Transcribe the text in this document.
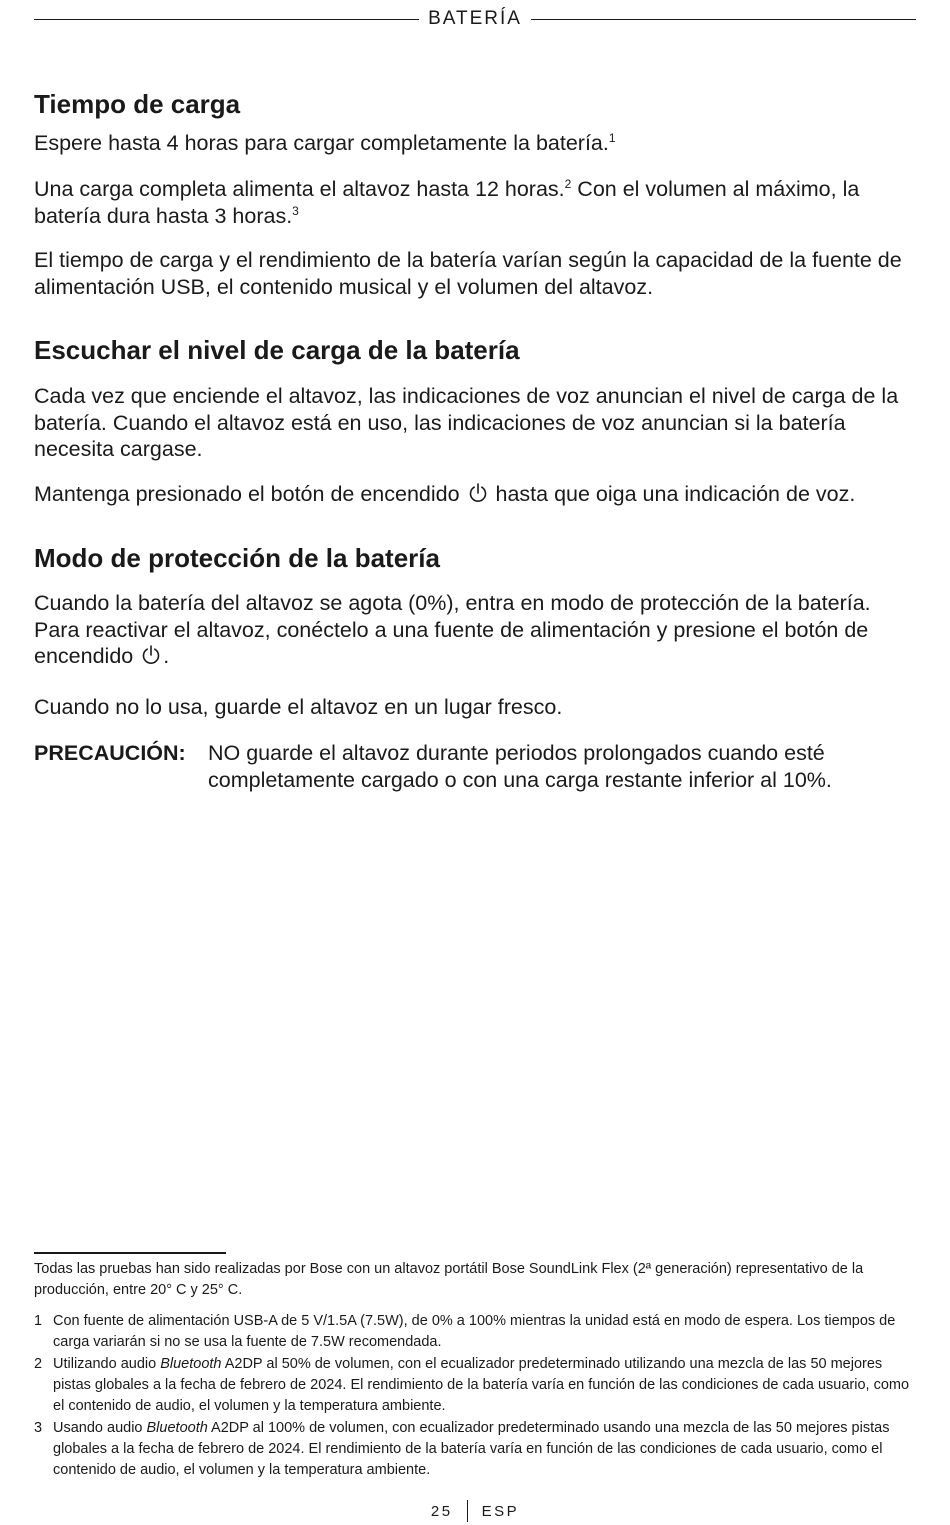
BATERÍA
Tiempo de carga

Espere hasta 4 horas para cargar completamente la batería.$^1$

Una carga completa alimenta el altavoz hasta 12 horas.$^2$ Con el volumen al máximo, la batería dura hasta 3 horas.$^3$

El tiempo de carga y el rendimiento de la batería varían según la capacidad de la fuente de alimentación USB, el contenido musical y el volumen del altavoz.

Escuchar el nivel de carga de la batería

Cada vez que enciende el altavoz, las indicaciones de voz anuncian el nivel de carga de la batería. Cuando el altavoz está en uso, las indicaciones de voz anuncian si la batería necesita cargase.

Mantenga presionado el botón de encendido
hasta que oiga una indicación de voz.

Modo de protección de la batería

Cuando la batería del altavoz se agota (0%), entra en modo de protección de la batería. Para reactivar el altavoz, conéctelo a una fuente de alimentación y presione el botón de encendido
.

Cuando no lo usa, guarde el altavoz en un lugar fresco.

PRECAUCIÓN:	NO guarde el altavoz durante periodos prolongados cuando esté completamente cargado o con una carga restante inferior al 10%.

Todas las pruebas han sido realizadas por Bose con un altavoz portátil Bose SoundLink Flex (2ª generación) representativo de la producción, entre 20° C y 25° C.

1 Con fuente de alimentación USB-A de 5 V/1.5A (7.5W), de 0% a 100% mientras la unidad está en modo de espera. Los tiempos de carga variarán si no se usa la fuente de 7.5W recomendada.
2 Utilizando audio Bluetooth A2DP al 50% de volumen, con el ecualizador predeterminado utilizando una mezcla de las 50 mejores pistas globales a la fecha de febrero de 2024. El rendimiento de la batería varía en función de las condiciones de cada usuario, como el contenido de audio, el volumen y la temperatura ambiente.
3 Usando audio Bluetooth A2DP al 100% de volumen, con ecualizador predeterminado usando una mezcla de las 50 mejores pistas globales a la fecha de febrero de 2024. El rendimiento de la batería varía en función de las condiciones de cada usuario, como el contenido de audio, el volumen y la temperatura ambiente.
25 ESP
